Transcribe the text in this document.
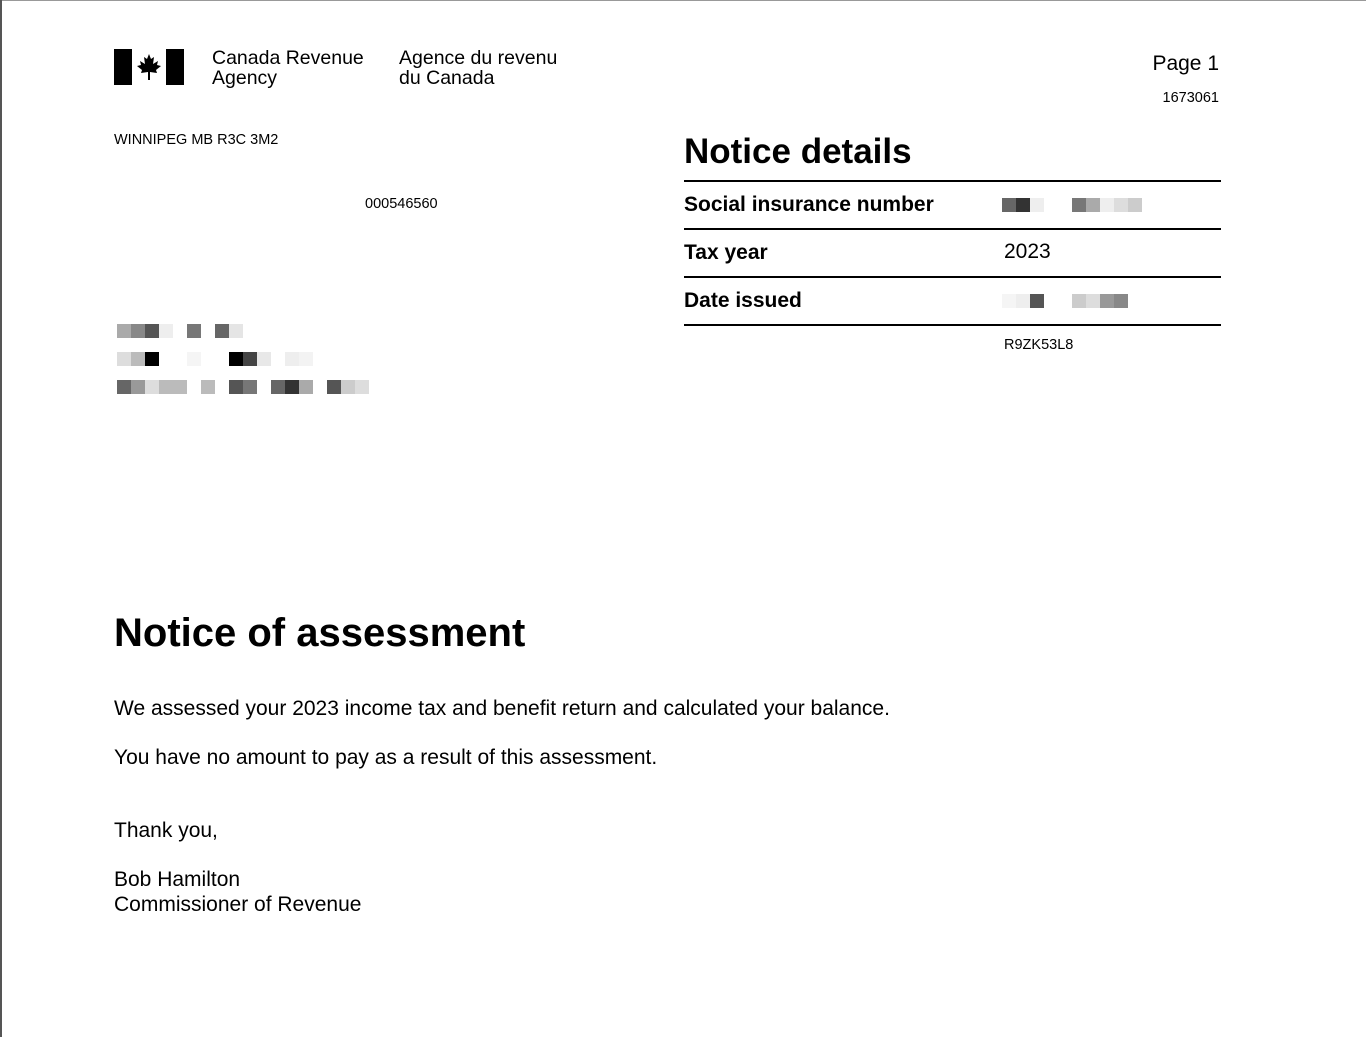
Canada Revenue
Agency
Agence du revenu
du Canada
Page 1
1673061
WINNIPEG MB R3C 3M2
000546560
Notice details
Social insurance number
Tax year	2023
Date issued
R9ZK53L8
Notice of assessment
We assessed your 2023 income tax and benefit return and calculated your balance.
You have no amount to pay as a result of this assessment.
Thank you,
Bob Hamilton
Commissioner of Revenue
